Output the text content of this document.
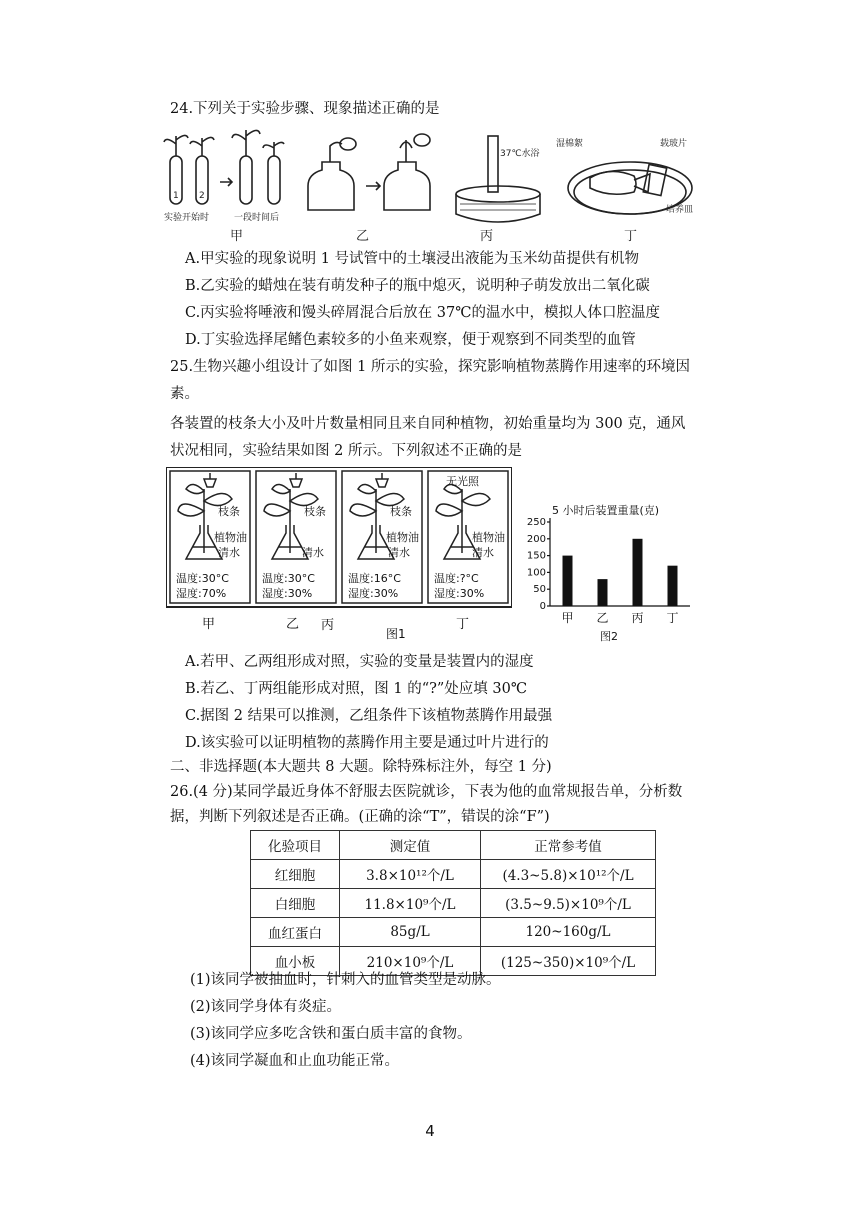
24.下列关于实验步骤、现象描述正确的是
1 2
实验开始时	一段时间后
37℃水浴
湿棉絮	载玻片
培养皿
甲	乙	丙	丁
A.甲实验的现象说明 1 号试管中的土壤浸出液能为玉米幼苗提供有机物
B.乙实验的蜡烛在装有萌发种子的瓶中熄灭，说明种子萌发放出二氧化碳
C.丙实验将唾液和馒头碎屑混合后放在 37℃的温水中，模拟人体口腔温度
D.丁实验选择尾鳍色素较多的小鱼来观察，便于观察到不同类型的血管
25.生物兴趣小组设计了如图 1 所示的实验，探究影响植物蒸腾作用速率的环境因
素。
各装置的枝条大小及叶片数量相同且来自同种植物，初始重量均为 300 克，通风
状况相同，实验结果如图 2 所示。下列叙述不正确的是
丙
枝条
植物油
清水
温度:30°C
湿度:70%
枝条
清水
温度:30°C
湿度:30%
枝条
植物油
清水
温度:16°C
湿度:30%
无光照
植物油
清水
温度:?°C
湿度:30%
甲	乙	丁
图1
5 小时后装置重量(克)
0
50
100
150
200
250
甲 乙 丙 丁
图2
A.若甲、乙两组形成对照，实验的变量是装置内的湿度
B.若乙、丁两组能形成对照，图 1 的“?”处应填 30℃
C.据图 2 结果可以推测，乙组条件下该植物蒸腾作用最强
D.该实验可以证明植物的蒸腾作用主要是通过叶片进行的
二、非选择题(本大题共 8 大题。除特殊标注外，每空 1 分)
26.(4 分)某同学最近身体不舒服去医院就诊，下表为他的血常规报告单，分析数
据，判断下列叙述是否正确。(正确的涂“T”，错误的涂“F”)
化验项目	测定值	正常参考值
红细胞	3.8×10¹²个/L	(4.3~5.8)×10¹²个/L
白细胞	11.8×10⁹个/L	(3.5~9.5)×10⁹个/L
血红蛋白	85g/L	120~160g/L
血小板	210×10⁹个/L	(125~350)×10⁹个/L
(1)该同学被抽血时，针刺入的血管类型是动脉。
(2)该同学身体有炎症。
(3)该同学应多吃含铁和蛋白质丰富的食物。
(4)该同学凝血和止血功能正常。
4
